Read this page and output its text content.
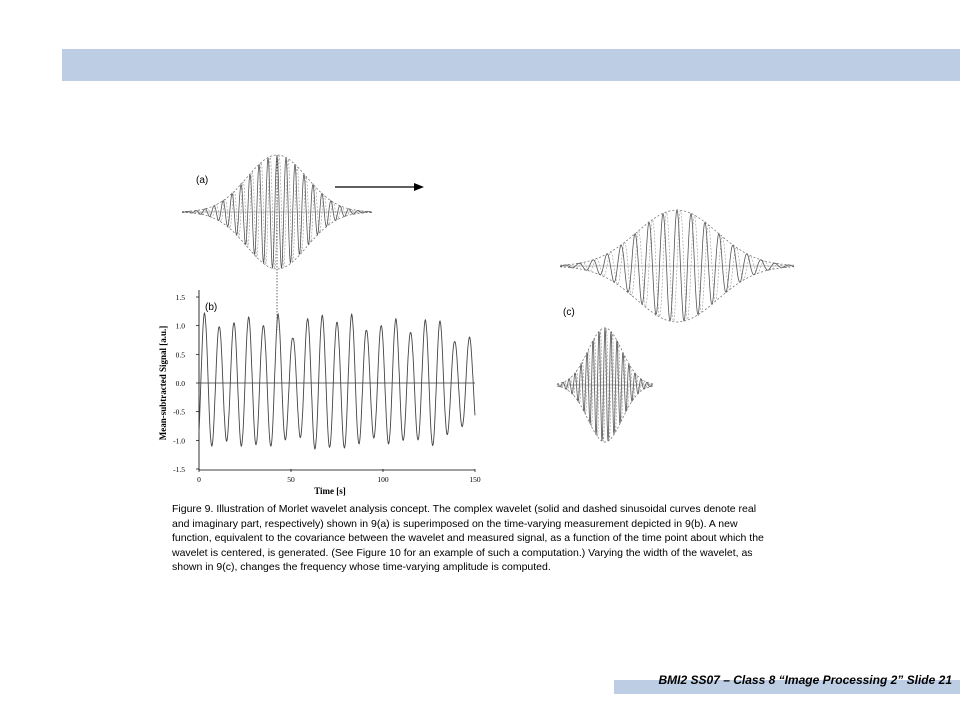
BMI2 SS07 – Class 8 “Image Processing 2” Slide 21
(a)
-1.5
-1.0
-0.5
0.0
0.5
1.0
1.5
0	50	100	150
Mean-subtracted Signal [a.u.]
Time [s]
(b)	(c)
Figure 9. Illustration of Morlet wavelet analysis concept. The complex wavelet (solid and dashed sinusoidal curves denote real and imaginary part, respectively) shown in 9(a) is superimposed on the time-varying measurement depicted in 9(b). A new function, equivalent to the covariance between the wavelet and measured signal, as a function of the time point about which the wavelet is centered, is generated. (See Figure 10 for an example of such a computation.) Varying the width of the wavelet, as shown in 9(c), changes the frequency whose time-varying amplitude is computed.
